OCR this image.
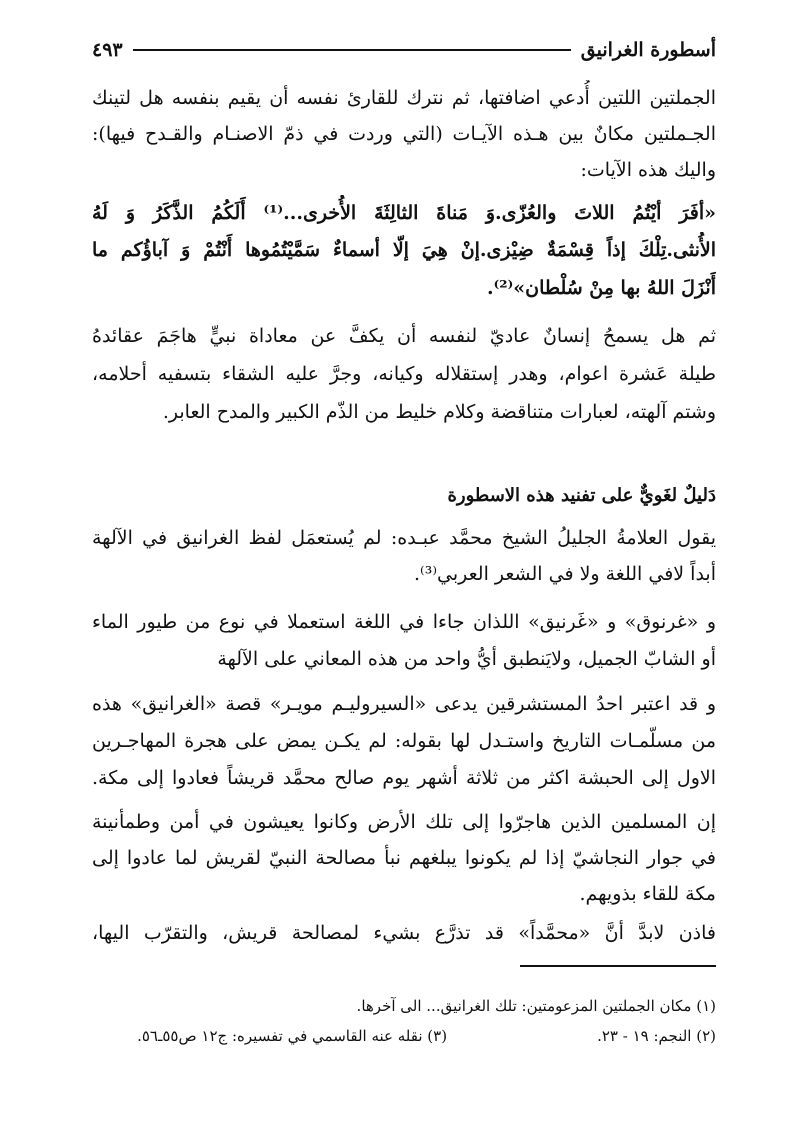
أسطورة الغرانيق
٤٩٣
الجملتين اللتين أُدعي اضافتها، ثم نترك للقارئ نفسه أن يقيم بنفسه هل لتينك
الجـملتين مكانٌ بين هـذه الآيـات (التي وردت في ذمّ الاصنـام والقـدح فيها):
واليك هذه الآيات:
«أفَرَ أيْتُمُ اللاتَ والعُزّى.وَ مَناةَ الثالِثَةَ الأُخرى...⁽¹⁾ أَلَكُمُ الذَّكَرُ وَ لَهُ
الأُنثى.تِلْكَ إذاً قِسْمَةٌ ضِيْزى.إنْ هِيَ إلّا أسماءٌ سَمَّيْتُمُوها أَنْتُمْ وَ آباؤُكم ما
أَنْزَلَ اللهُ بها مِنْ سُلْطان»⁽²⁾.
ثم هل يسمحُ إنسانٌ عاديّ لنفسه أن يكفَّ عن معاداة نبيٍّ هاجَمَ عقائدهُ
طيلة عَشرة اعوام، وهدر إستقلاله وكيانه، وجرَّ عليه الشقاء بتسفيه أحلامه،
وشتم آلهته، لعبارات متناقضة وكلام خليط من الذّم الكبير والمدح العابر.
دَليلٌ لغَويٌّ على تفنيد هذه الاسطورة
يقول العلامةُ الجليلُ الشيخ محمَّد عبـده: لم يُستعمَل لفظ الغرانيق في الآلهة
أبداً لافي اللغة ولا في الشعر العربي⁽³⁾.
و «غرنوق» و «غَرنيق» اللذان جاءا في اللغة استعملا في نوع من طيور الماء
أو الشابّ الجميل، ولايَنطبق أيُّ واحد من هذه المعاني على الآلهة
و قد اعتبر احدُ المستشرقين يدعى «السيروليـم مويـر» قصة «الغرانيق» هذه
من مسلّمـات التاريخ واستـدل لها بقوله: لم يكـن يمض على هجرة المهاجـرين
الاول إلى الحبشة اكثر من ثلاثة أشهر يوم صالح محمَّد قريشاً فعادوا إلى مكة.
إن المسلمين الذين هاجرّوا إلى تلك الأرض وكانوا يعيشون في أمن وطمأنينة
في جوار النجاشيّ إذا لم يكونوا يبلغهم نبأ مصالحة النبيّ لقريش لما عادوا إلى
مكة للقاء بذويهم.
فاذن لابدَّ أنَّ «محمَّداً» قد تذرَّع بشيء لمصالحة قريش، والتقرّب اليها،
(١) مكان الجملتين المزعومتين: تلك الغرانيق... الى آخرها.
(٢) النجم: ١٩ - ٢٣.
(٣) نقله عنه القاسمي في تفسيره: ج١٢ ص٥٥ـ٥٦.
